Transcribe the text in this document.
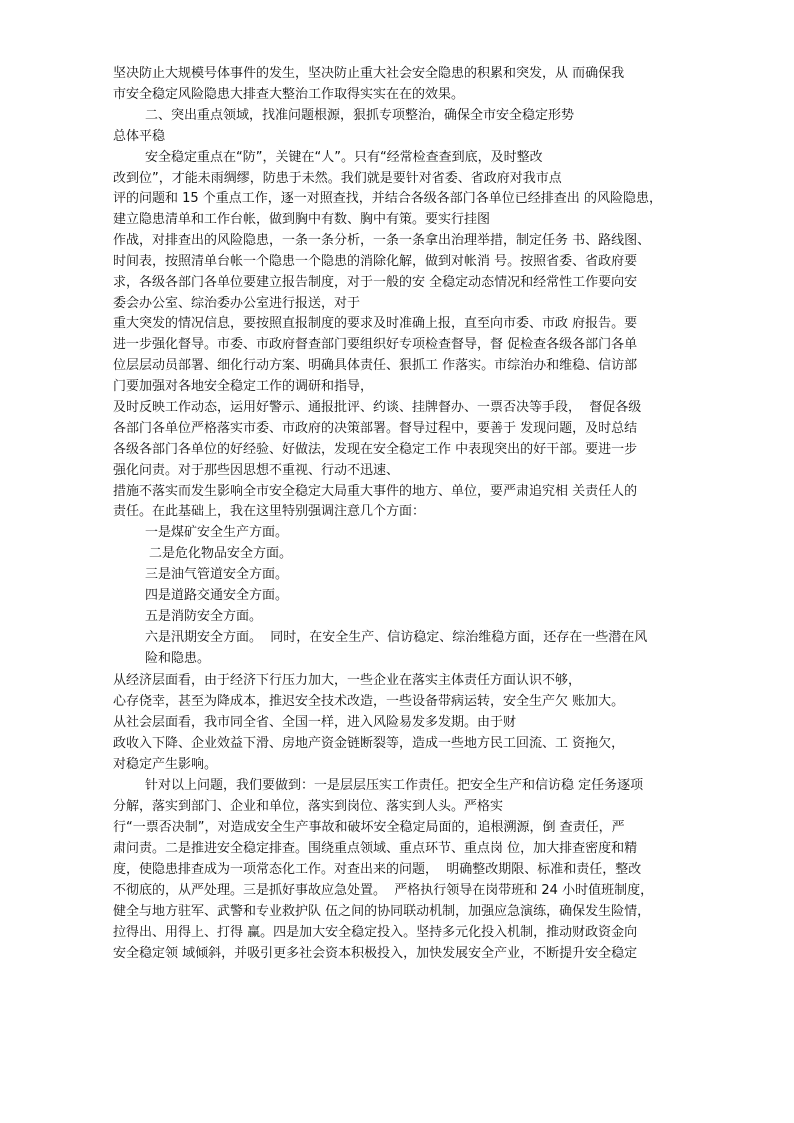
坚决防止大规模号体事件的发生，坚决防止重大社会安全隐患的积累和突发，从 而确保我
市安全稳定风险隐患大排查大整治工作取得实实在在的效果。
二、突出重点领域，找准问题根源，狠抓专项整治，确保全市安全稳定形势
总体平稳
安全稳定重点在“防”，关键在“人”。只有“经常检查查到底，及时整改
改到位”，才能未雨绸缪，防患于未然。我们就是要针对省委、省政府对我市点
评的问题和 15 个重点工作，逐一对照查找，并结合各级各部门各单位已经排查出 的风险隐患，
建立隐患清单和工作台帐，做到胸中有数、胸中有策。要实行挂图
作战，对排查出的风险隐患，一条一条分析，一条一条拿出治理举措，制定任务 书、路线图、
时间表，按照清单台帐一个隐患一个隐患的消除化解，做到对帐消 号。按照省委、省政府要
求，各级各部门各单位要建立报告制度，对于一般的安 全稳定动态情况和经常性工作要向安
委会办公室、综治委办公室进行报送，对于
重大突发的情况信息，要按照直报制度的要求及时准确上报，直至向市委、市政 府报告。要
进一步强化督导。市委、市政府督查部门要组织好专项检查督导，督 促检查各级各部门各单
位层层动员部署、细化行动方案、明确具体责任、狠抓工 作落实。市综治办和维稳、信访部
门要加强对各地安全稳定工作的调研和指导，
及时反映工作动态，运用好警示、通报批评、约谈、挂牌督办、一票否决等手段，  督促各级
各部门各单位严格落实市委、市政府的决策部署。督导过程中，要善于 发现问题，及时总结
各级各部门各单位的好经验、好做法，发现在安全稳定工作 中表现突出的好干部。要进一步
强化问责。对于那些因思想不重视、行动不迅速、
措施不落实而发生影响全市安全稳定大局重大事件的地方、单位，要严肃追究相 关责任人的
责任。在此基础上，我在这里特别强调注意几个方面：
一是煤矿安全生产方面。
二是危化物品安全方面。
三是油气管道安全方面。
四是道路交通安全方面。
五是消防安全方面。
六是汛期安全方面。  同时，在安全生产、信访稳定、综治维稳方面，还存在一些潜在风
险和隐患。
从经济层面看，由于经济下行压力加大，一些企业在落实主体责任方面认识不够，
心存侥幸，甚至为降成本，推迟安全技术改造，一些设备带病运转，安全生产欠 账加大。
从社会层面看，我市同全省、全国一样，进入风险易发多发期。由于财
政收入下降、企业效益下滑、房地产资金链断裂等，造成一些地方民工回流、工 资拖欠，
对稳定产生影响。
针对以上问题，我们要做到：一是层层压实工作责任。把安全生产和信访稳 定任务逐项
分解，落实到部门、企业和单位，落实到岗位、落实到人头。严格实
行“一票否决制”，对造成安全生产事故和破坏安全稳定局面的，追根溯源，倒 查责任，严
肃问责。二是推进安全稳定排查。围绕重点领域、重点环节、重点岗 位，加大排查密度和精
度，使隐患排查成为一项常态化工作。对查出来的问题，  明确整改期限、标准和责任，整改
不彻底的，从严处理。三是抓好事故应急处置。  严格执行领导在岗带班和 24 小时值班制度，
健全与地方驻军、武警和专业救护队 伍之间的协同联动机制，加强应急演练，确保发生险情，
拉得出、用得上、打得 赢。四是加大安全稳定投入。坚持多元化投入机制，推动财政资金向
安全稳定领 域倾斜，并吸引更多社会资本积极投入，加快发展安全产业，不断提升安全稳定
